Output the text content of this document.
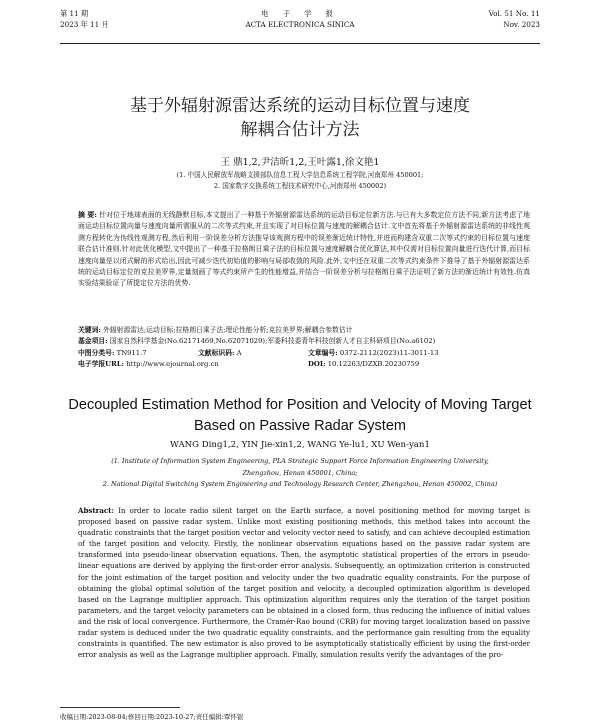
第 11 期
2023 年 11 月
电 子 学 报
ACTA ELECTRONICA SINICA
Vol. 51 No. 11
Nov. 2023
基于外辐射源雷达系统的运动目标位置与速度
解耦合估计方法
王 鼎1,2,尹洁昕1,2,王叶露1,徐文艳1
(1. 中国人民解放军战略支援部队信息工程大学信息系统工程学院,河南郑州 450001;
2. 国家数字交换系统工程技术研究中心,河南郑州 450002)
摘 要: 针对位于地球表面的无线静默目标,本文提出了一种基于外辐射源雷达系统的运动目标定位新方法.与已有大多数定位方法不同,新方法考虑了地面运动目标位置向量与速度向量所需服从的二次等式约束,并且实现了对目标位置与速度的解耦合估计.文中首先将基于外辐射源雷达系统的非线性观测方程转化为伪线性观测方程,然后利用一阶误差分析方法推导该观测方程中的误差渐近统计特性,并进而构建含双重二次等式约束的目标位置与速度联合估计准则.针对此优化模型,文中提出了一种基于拉格朗日乘子法的目标位置与速度解耦合优化算法,其中仅需对目标位置向量进行迭代计算,而目标速度向量是以闭式解的形式给出,因此可减少迭代初始值的影响与局部收敛的风险.此外,文中还在双重二次等式约束条件下推导了基于外辐射源雷达系统的运动目标定位的克拉美罗界,定量刻画了等式约束所产生的性能增益,并结合一阶误差分析与拉格朗日乘子法证明了新方法的渐近统计有效性.仿真实验结果验证了所提定位方法的优势.
关键词: 外辐射源雷达;运动目标;拉格朗日乘子法;理论性能分析;克拉美罗界;解耦合参数估计
基金项目: 国家自然科学基金(No.62171469,No.62071029);军委科技委青年科技创新人才自主科研项目(No.a6102)
中图分类号: TN911.7	文献标识码: A	文章编号: 0372-2112(2023)11-3011-13
电子学报URL: http://www.ejournal.org.cn	DOI: 10.12263/DZXB.20230759
Decoupled Estimation Method for Position and Velocity of Moving Target
Based on Passive Radar System
WANG Ding1,2, YIN Jie-xin1,2, WANG Ye-lu1, XU Wen-yan1
(1. Institute of Information System Engineering, PLA Strategic Support Force Information Engineering University,
Zhengzhou, Henan 450001, China;
2. National Digital Switching System Engineering and Technology Research Center, Zhengzhou, Henan 450002, China)
Abstract: In order to locate radio silent target on the Earth surface, a novel positioning method for moving target is proposed based on passive radar system. Unlike most existing positioning methods, this method takes into account the quadratic constraints that the target position vector and velocity vector need to satisfy, and can achieve decoupled estimation of the target position and velocity. Firstly, the nonlinear observation equations based on the passive radar system are transformed into pseudo-linear observation equations. Then, the asymptotic statistical properties of the errors in pseudo-linear equations are derived by applying the first-order error analysis. Subsequently, an optimization criterion is constructed for the joint estimation of the target position and velocity under the two quadratic equality constraints. For the purpose of obtaining the global optimal solution of the target position and velocity, a decoupled optimization algorithm is developed based on the Lagrange multiplier approach. This optimization algorithm requires only the iteration of the target position parameters, and the target velocity parameters can be obtained in a closed form, thus reducing the influence of initial values and the risk of local convergence. Furthermore, the Cramér-Rao bound (CRB) for moving target localization based on passive radar system is deduced under the two quadratic equality constraints, and the performance gain resulting from the equality constraints is quantified. The new estimator is also proved to be asymptotically statistically efficient by using the first-order error analysis as well as the Lagrange multiplier approach. Finally, simulation results verify the advantages of the pro-
收稿日期:2023-08-04;修回日期:2023-10-27;责任编辑:覃怀银
